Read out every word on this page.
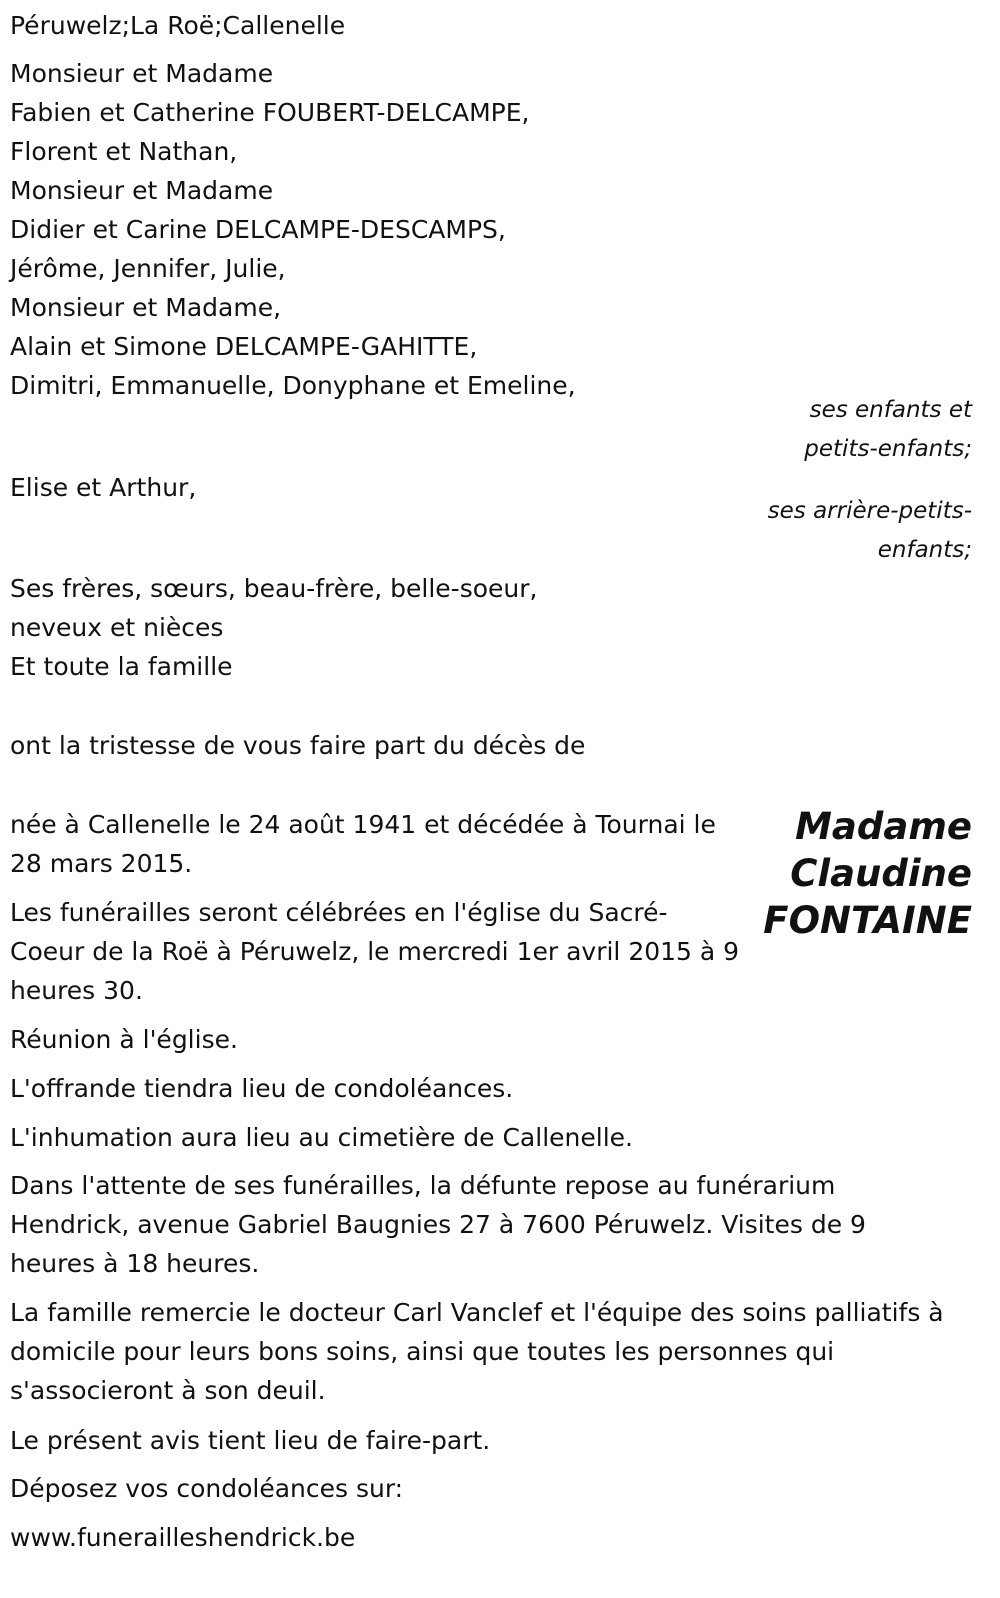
Péruwelz;La Roë;Callenelle

Monsieur et Madame

Fabien et Catherine FOUBERT-DELCAMPE,

Florent et Nathan,

Monsieur et Madame

Didier et Carine DELCAMPE-DESCAMPS,

Jérôme, Jennifer, Julie,

Monsieur et Madame,

Alain et Simone DELCAMPE-GAHITTE,

Dimitri, Emmanuelle, Donyphane et Emeline,

ses enfants et

petits-enfants;

Elise et Arthur,

ses arrière-petits-

enfants;

Ses frères, sœurs, beau-frère, belle-soeur,

neveux et nièces

Et toute la famille

ont la tristesse de vous faire part du décès de

Madame
Claudine
FONTAINE

née à Callenelle le 24 août 1941 et décédée à Tournai le 28 mars 2015.

Les funérailles seront célébrées en l'église du Sacré-Coeur de la Roë à Péruwelz, le mercredi 1er avril 2015 à 9 heures 30.

Réunion à l'église.

L'offrande tiendra lieu de condoléances.

L'inhumation aura lieu au cimetière de Callenelle.

Dans l'attente de ses funérailles, la défunte repose au funérarium Hendrick, avenue Gabriel Baugnies 27 à 7600 Péruwelz. Visites de 9 heures à 18 heures.

La famille remercie le docteur Carl Vanclef et l'équipe des soins palliatifs à domicile pour leurs bons soins, ainsi que toutes les personnes qui s'associeront à son deuil.

Le présent avis tient lieu de faire-part.

Déposez vos condoléances sur:

www.funerailleshendrick.be
